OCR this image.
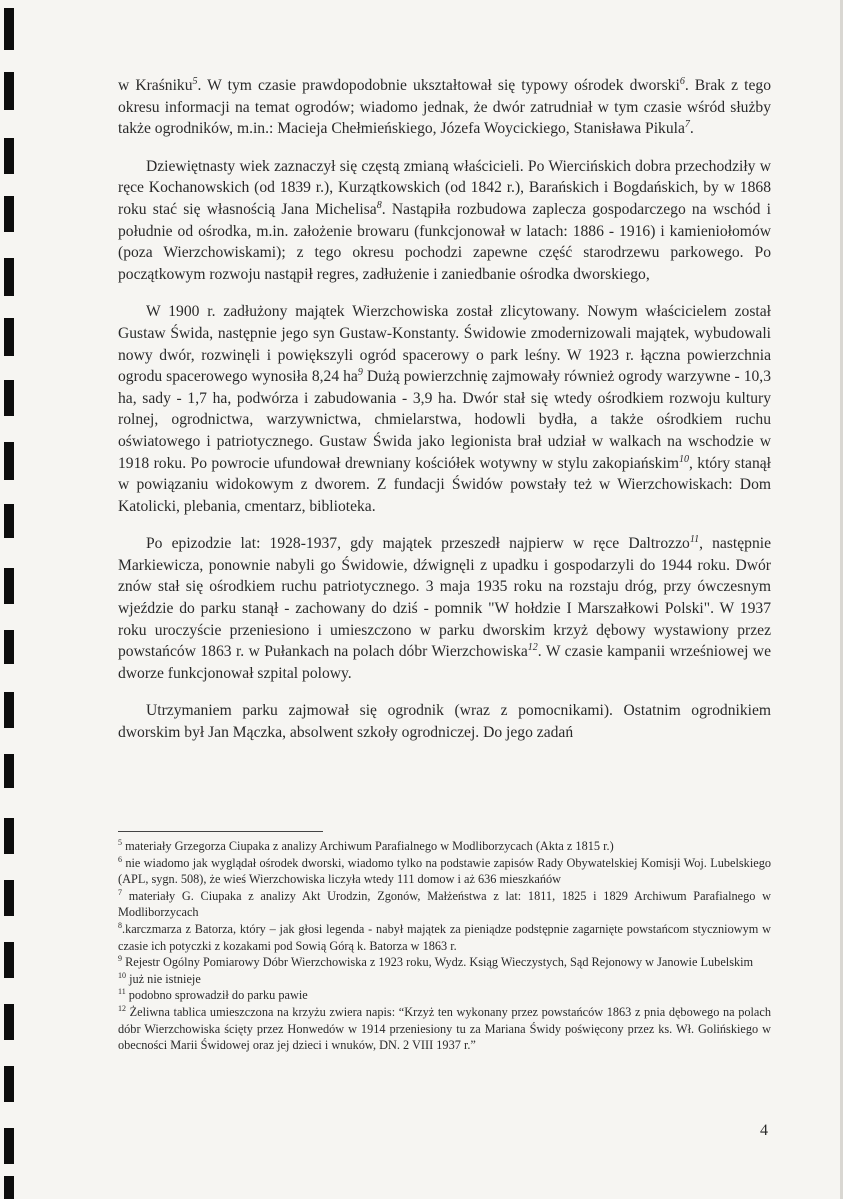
w Kraśniku$^5$. W tym czasie prawdopodobnie ukształtował się typowy ośrodek dworski$^6$. Brak z tego okresu informacji na temat ogrodów; wiadomo jednak, że dwór zatrudniał w tym czasie wśród służby także ogrodników, m.in.: Macieja Chełmieńskiego, Józefa Woycickiego, Stanisława Pikula$^7$.

Dziewiętnasty wiek zaznaczył się częstą zmianą właścicieli. Po Wiercińskich dobra przechodziły w ręce Kochanowskich (od 1839 r.), Kurzątkowskich (od 1842 r.), Barańskich i Bogdańskich, by w 1868 roku stać się własnością Jana Michelisa$^8$. Nastąpiła rozbudowa zaplecza gospodarczego na wschód i południe od ośrodka, m.in. założenie browaru (funkcjonował w latach: 1886 - 1916) i kamieniołomów (poza Wierzchowiskami); z tego okresu pochodzi zapewne część starodrzewu parkowego. Po początkowym rozwoju nastąpił regres, zadłużenie i zaniedbanie ośrodka dworskiego,

W 1900 r. zadłużony majątek Wierzchowiska został zlicytowany. Nowym właścicielem został Gustaw Świda, następnie jego syn Gustaw-Konstanty. Świdowie zmodernizowali majątek, wybudowali nowy dwór, rozwinęli i powiększyli ogród spacerowy o park leśny. W 1923 r. łączna powierzchnia ogrodu spacerowego wynosiła 8,24 $ha^9$ Dużą powierzchnię zajmowały również ogrody warzywne - 10,3 ha, sady - 1,7 ha, podwórza i zabudowania - 3,9 ha. Dwór stał się wtedy ośrodkiem rozwoju kultury rolnej, ogrodnictwa, warzywnictwa, chmielarstwa, hodowli bydła, a także ośrodkiem ruchu oświatowego i patriotycznego. Gustaw Świda jako legionista brał udział w walkach na wschodzie w 1918 roku. Po powrocie ufundował drewniany kościółek wotywny w stylu zakopiańskim$^{10}$, który stanął w powiązaniu widokowym z dworem. Z fundacji Świdów powstały też w Wierzchowiskach: Dom Katolicki, plebania, cmentarz, biblioteka.

Po epizodzie lat: 1928-1937, gdy majątek przeszedł najpierw w ręce Daltrozzo$^{11}$, następnie Markiewicza, ponownie nabyli go Świdowie, dźwignęli z upadku i gospodarzyli do 1944 roku. Dwór znów stał się ośrodkiem ruchu patriotycznego. 3 maja 1935 roku na rozstaju dróg, przy ówczesnym wjeździe do parku stanął - zachowany do dziś - pomnik "W hołdzie I Marszałkowi Polski". W 1937 roku uroczyście przeniesiono i umieszczono w parku dworskim krzyż dębowy wystawiony przez powstańców 1863 r. w Pułankach na polach dóbr Wierzchowiska$^{12}$. W czasie kampanii wrześniowej we dworze funkcjonował szpital polowy.

Utrzymaniem parku zajmował się ogrodnik (wraz z pomocnikami). Ostatnim ogrodnikiem dworskim był Jan Mączka, absolwent szkoły ogrodniczej. Do jego zadań

$^5$ materiały Grzegorza Ciupaka z analizy Archiwum Parafialnego w Modliborzycach (Akta z 1815 r.)
$^6$ nie wiadomo jak wyglądał ośrodek dworski, wiadomo tylko na podstawie zapisów Rady Obywatelskiej Komisji Woj. Lubelskiego (APL, sygn. 508), że wieś Wierzchowiska liczyła wtedy 111 domow i aż 636 mieszkańów
$^7$ materiały G. Ciupaka z analizy Akt Urodzin, Zgonów, Małżeństwa z lat: 1811, 1825 i 1829 Archiwum Parafialnego w Modliborzycach
$^8$.karczmarza z Batorza, który – jak głosi legenda - nabył majątek za pieniądze podstępnie zagarnięte powstańcom styczniowym w czasie ich potyczki z kozakami pod Sowią Górą k. Batorza w 1863 r.
$^9$ Rejestr Ogólny Pomiarowy Dóbr Wierzchowiska z 1923 roku, Wydz. Ksiąg Wieczystych, Sąd Rejonowy w Janowie Lubelskim
$^{10}$ już nie istnieje
$^{11}$ podobno sprowadził do parku pawie
$^{12}$ Żeliwna tablica umieszczona na krzyżu zwiera napis: “Krzyż ten wykonany przez powstańców 1863 z pnia dębowego na polach dóbr Wierzchowiska ścięty przez Honwedów w 1914 przeniesiony tu za Mariana Świdy poświęcony przez ks. Wł. Golińskiego w obecności Marii Świdowej oraz jej dzieci i wnuków, DN. 2 VIII 1937 r.”
4
